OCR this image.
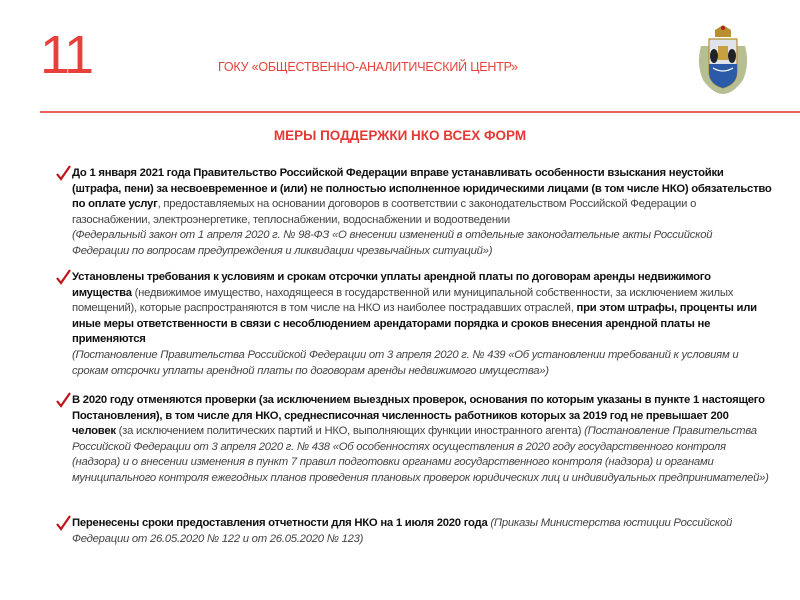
11	ГОКУ «ОБЩЕСТВЕННО-АНАЛИТИЧЕСКИЙ ЦЕНТР»
МЕРЫ ПОДДЕРЖКИ НКО ВСЕХ ФОРМ
До 1 января 2021 года Правительство Российской Федерации вправе устанавливать особенности взыскания неустойки (штрафа, пени) за несвоевременное и (или) не полностью исполненное юридическими лицами (в том числе НКО) обязательство по оплате услуг, предоставляемых на основании договоров в соответствии с законодательством Российской Федерации о газоснабжении, электроэнергетике, теплоснабжении, водоснабжении и водоотведении
(Федеральный закон от 1 апреля 2020 г. № 98-ФЗ «О внесении изменений в отдельные законодательные акты Российской Федерации по вопросам предупреждения и ликвидации чрезвычайных ситуаций»)
Установлены требования к условиям и срокам отсрочки уплаты арендной платы по договорам аренды недвижимого имущества (недвижимое имущество, находящееся в государственной или муниципальной собственности, за исключением жилых помещений), которые распространяются в том числе на НКО из наиболее пострадавших отраслей, при этом штрафы, проценты или иные меры ответственности в связи с несоблюдением арендаторами порядка и сроков внесения арендной платы не применяются
(Постановление Правительства Российской Федерации от 3 апреля 2020 г. № 439 «Об установлении требований к условиям и срокам отсрочки уплаты арендной платы по договорам аренды недвижимого имущества»)
В 2020 году отменяются проверки (за исключением выездных проверок, основания по которым указаны в пункте 1 настоящего Постановления), в том числе для НКО, среднесписочная численность работников которых за 2019 год не превышает 200 человек (за исключением политических партий и НКО, выполняющих функции иностранного агента) (Постановление Правительства Российской Федерации от 3 апреля 2020 г. № 438 «Об особенностях осуществления в 2020 году государственного контроля (надзора) и о внесении изменения в пункт 7 правил подготовки органами государственного контроля (надзора) и органами муниципального контроля ежегодных планов проведения плановых проверок юридических лиц и индивидуальных предпринимателей»)
Перенесены сроки предоставления отчетности для НКО на 1 июля 2020 года (Приказы Министерства юстиции Российской Федерации от 26.05.2020 № 122 и от 26.05.2020 № 123)
